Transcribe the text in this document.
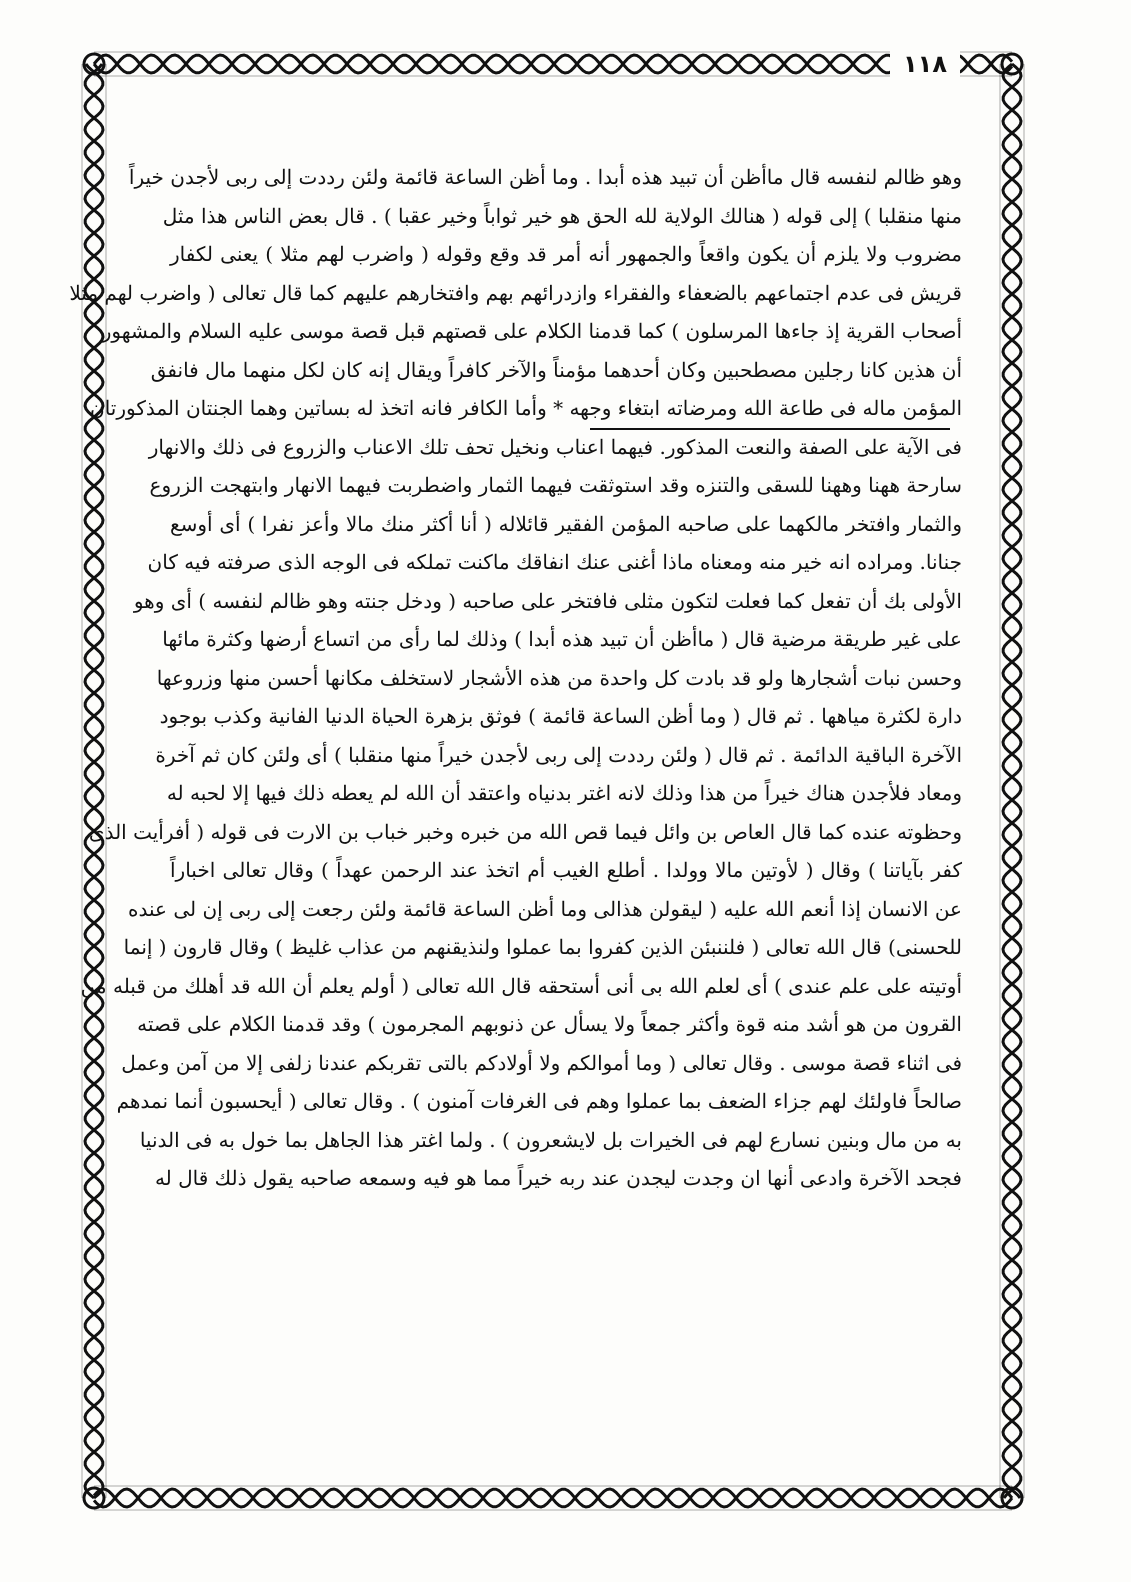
١١٨
وهو ظالم لنفسه قال ماأظن أن تبيد هذه أبدا . وما أظن الساعة قائمة ولئن رددت إلى ربى لأجدن خيراً
منها منقلبا ) إلى قوله ( هنالك الولاية لله الحق هو خير ثواباً وخير عقبا ) . قال بعض الناس هذا مثل
مضروب ولا يلزم أن يكون واقعاً والجمهور أنه أمر قد وقع وقوله ( واضرب لهم مثلا ) يعنى لكفار
قريش فى عدم اجتماعهم بالضعفاء والفقراء وازدرائهم بهم وافتخارهم عليهم كما قال تعالى ( واضرب لهم مثلا
أصحاب القرية إذ جاءها المرسلون ) كما قدمنا الكلام على قصتهم قبل قصة موسى عليه السلام والمشهور
أن هذين كانا رجلين مصطحبين وكان أحدهما مؤمناً والآخر كافراً ويقال إنه كان لكل منهما مال فانفق
المؤمن ماله فى طاعة الله ومرضاته ابتغاء وجهه * وأما الكافر فانه اتخذ له بساتين وهما الجنتان المذكورتان
فى الآية على الصفة والنعت المذكور. فيهما اعناب ونخيل تحف تلك الاعناب والزروع فى ذلك والانهار
سارحة ههنا وههنا للسقى والتنزه وقد استوثقت فيهما الثمار واضطربت فيهما الانهار وابتهجت الزروع
والثمار وافتخر مالكهما على صاحبه المؤمن الفقير قائلاله ( أنا أكثر منك مالا وأعز نفرا ) أى أوسع
جنانا. ومراده انه خير منه ومعناه ماذا أغنى عنك انفاقك ماكنت تملكه فى الوجه الذى صرفته فيه كان
الأولى بك أن تفعل كما فعلت لتكون مثلى فافتخر على صاحبه ( ودخل جنته وهو ظالم لنفسه ) أى وهو
على غير طريقة مرضية قال ( ماأظن أن تبيد هذه أبدا ) وذلك لما رأى من اتساع أرضها وكثرة مائها
وحسن نبات أشجارها ولو قد بادت كل واحدة من هذه الأشجار لاستخلف مكانها أحسن منها وزروعها
دارة لكثرة مياهها . ثم قال ( وما أظن الساعة قائمة ) فوثق بزهرة الحياة الدنيا الفانية وكذب بوجود
الآخرة الباقية الدائمة . ثم قال ( ولئن رددت إلى ربى لأجدن خيراً منها منقلبا ) أى ولئن كان ثم آخرة
ومعاد فلأجدن هناك خيراً من هذا وذلك لانه اغتر بدنياه واعتقد أن الله لم يعطه ذلك فيها إلا لحبه له
وحظوته عنده كما قال العاص بن وائل فيما قص الله من خبره وخبر خباب بن الارت فى قوله ( أفرأيت الذى
كفر بآياتنا ) وقال ( لأوتين مالا وولدا . أطلع الغيب أم اتخذ عند الرحمن عهداً ) وقال تعالى اخباراً
عن الانسان إذا أنعم الله عليه ( ليقولن هذالى وما أظن الساعة قائمة ولئن رجعت إلى ربى إن لى عنده
للحسنى) قال الله تعالى ( فلننبئن الذين كفروا بما عملوا ولنذيقنهم من عذاب غليظ ) وقال قارون ( إنما
أوتيته على علم عندى ) أى لعلم الله بى أنى أستحقه قال الله تعالى ( أولم يعلم أن الله قد أهلك من قبله من
القرون من هو أشد منه قوة وأكثر جمعاً ولا يسأل عن ذنوبهم المجرمون ) وقد قدمنا الكلام على قصته
فى اثناء قصة موسى . وقال تعالى ( وما أموالكم ولا أولادكم بالتى تقربكم عندنا زلفى إلا من آمن وعمل
صالحاً فاولئك لهم جزاء الضعف بما عملوا وهم فى الغرفات آمنون ) . وقال تعالى ( أيحسبون أنما نمدهم
به من مال وبنين نسارع لهم فى الخيرات بل لايشعرون ) . ولما اغتر هذا الجاهل بما خول به فى الدنيا
فجحد الآخرة وادعى أنها ان وجدت ليجدن عند ربه خيراً مما هو فيه وسمعه صاحبه يقول ذلك قال له
